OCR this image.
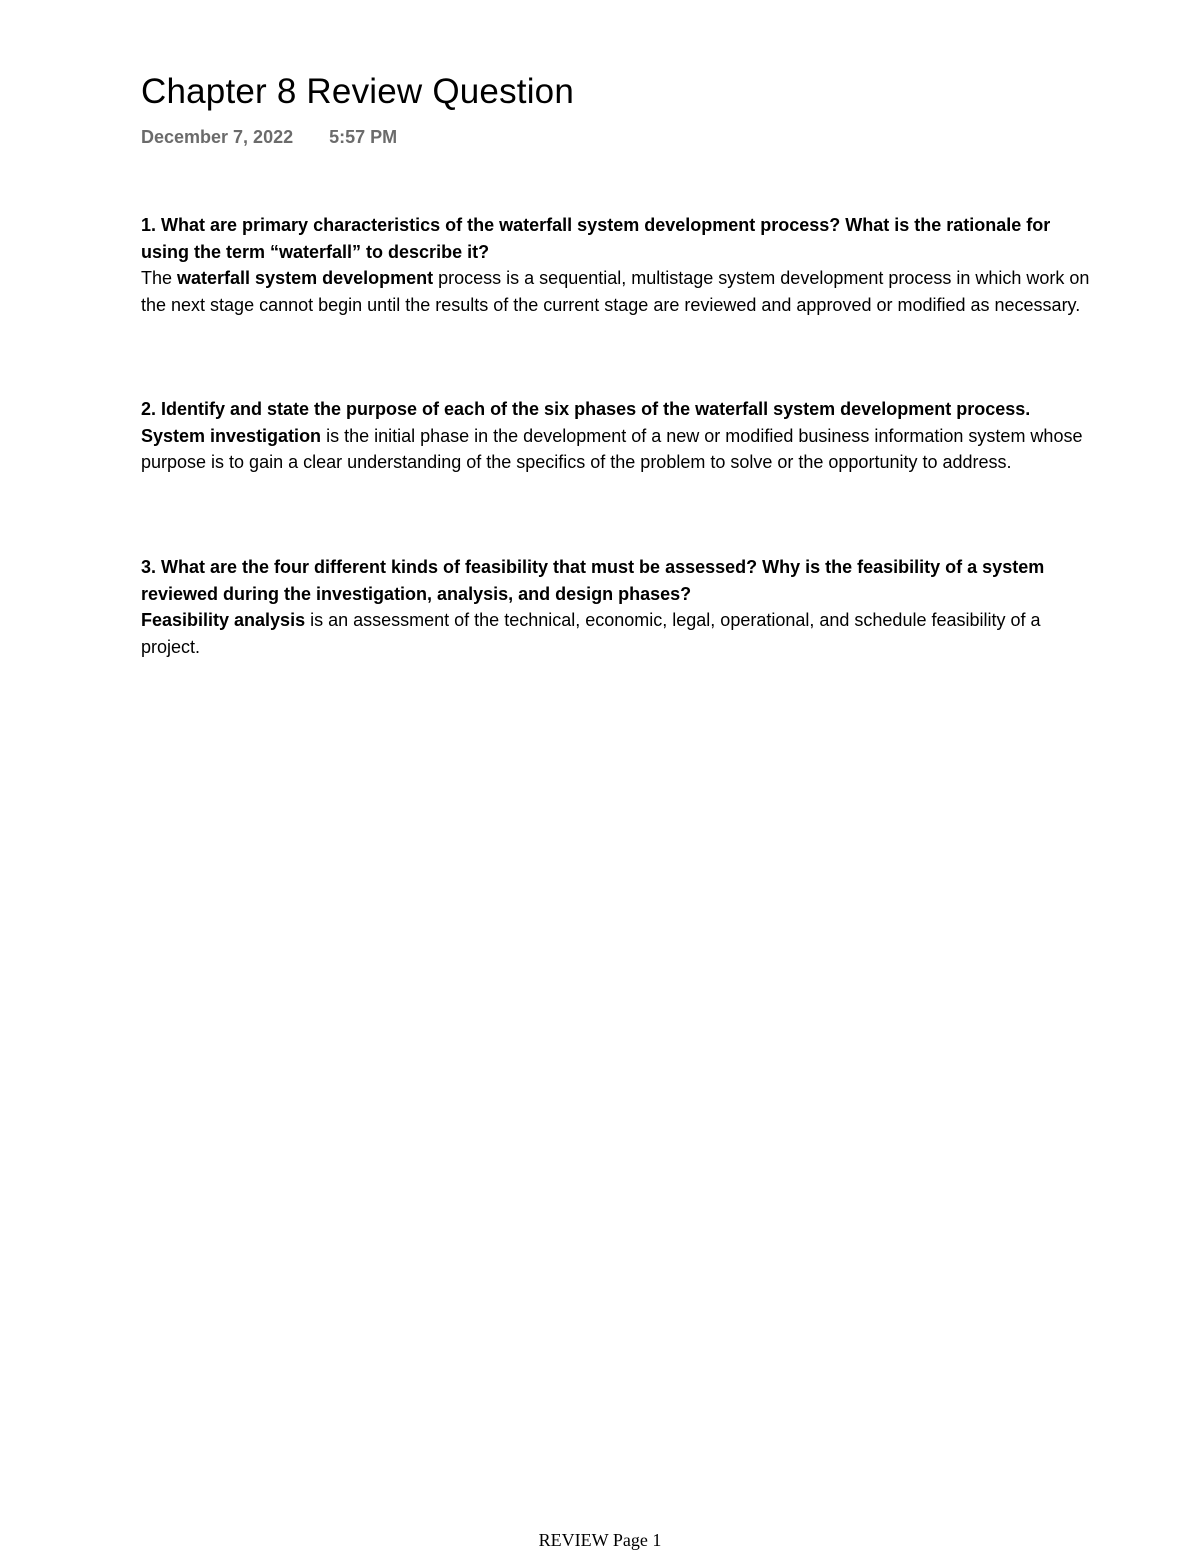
Chapter 8 Review Question
December 7, 2022 5:57 PM

1. What are primary characteristics of the waterfall system development process? What is the rationale for using the term “waterfall” to describe it?

The waterfall system development process is a sequential, multistage system development process in which work on the next stage cannot begin until the results of the current stage are reviewed and approved or modified as necessary.

2. Identify and state the purpose of each of the six phases of the waterfall system development process.

System investigation is the initial phase in the development of a new or modified business information system whose purpose is to gain a clear understanding of the specifics of the problem to solve or the opportunity to address.

3. What are the four different kinds of feasibility that must be assessed? Why is the feasibility of a system reviewed during the investigation, analysis, and design phases?

Feasibility analysis is an assessment of the technical, economic, legal, operational, and schedule feasibility of a project.

REVIEW Page 1
